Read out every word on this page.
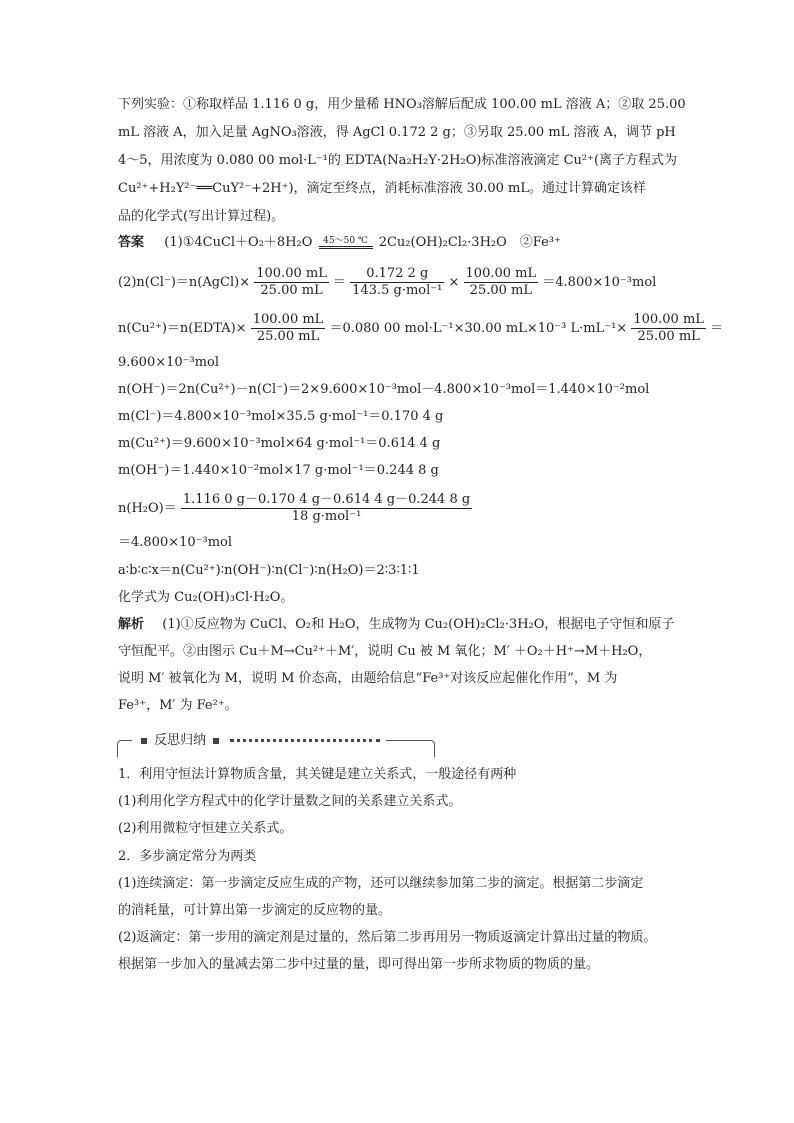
下列实验：①称取样品 1.116 0 g，用少量稀 HNO₃溶解后配成 100.00 mL 溶液 A；②取 25.00
mL 溶液 A，加入足量 AgNO₃溶液，得 AgCl 0.172 2 g；③另取 25.00 mL 溶液 A，调节 pH
4～5，用浓度为 0.080 00 mol·L⁻¹的 EDTA(Na₂H₂Y·2H₂O)标准溶液滴定 Cu²⁺(离子方程式为
Cu²⁺+H₂Y²⁻══CuY²⁻+2H⁺)，滴定至终点，消耗标准溶液 30.00 mL。通过计算确定该样
品的化学式(写出计算过程)。
答案 (1)①4CuCl＋O₂＋8H₂O	45～50 ℃ 2Cu₂(OH)₂Cl₂·3H₂O　②Fe³⁺
(2)n(Cl⁻)＝n(AgCl)× $\frac{100.00 mL}{25.00 mL} = \frac{0.172 2 g}{\text{143.5 g·mol⁻¹}} \times \frac{100.00 mL}{25.00 mL} =4.800\times 10^{-3}mol$
n(Cu²⁺)＝n(EDTA)× $\frac{100.00 mL}{25.00 mL} =0.080$ 00 mol·L⁻¹×30.00 mL×10⁻³ $L\cdot mL^{-1}\times \frac{100.00 mL}{25.00 mL}$ ＝
9.600×10⁻³mol
n(OH⁻)＝2n(Cu²⁺)－n(Cl⁻)＝2×9.600×10⁻³mol－4.800×10⁻³mol＝1.440×10⁻²mol
m(Cl⁻)＝4.800×10⁻³mol×35.5 g·mol⁻¹＝0.170 4 g
m(Cu²⁺)＝9.600×10⁻³mol×64 g·mol⁻¹＝0.614 4 g
m(OH⁻)＝1.440×10⁻²mol×17 g·mol⁻¹＝0.244 8 g
$n(H_2O)= \frac{1.116 0 g-0.170 4 g-0.614 4 g-0.244 8 g}{\text{18 g·mol⁻¹}}$
＝4.800×10⁻³mol
a∶b∶c∶x＝n(Cu²⁺)∶n(OH⁻)∶n(Cl⁻)∶n(H₂O)＝2∶3∶1∶1
化学式为 Cu₂(OH)₃Cl·H₂O。
解析 (1)①反应物为 CuCl、O₂和 H₂O，生成物为 Cu₂(OH)₂Cl₂·3H₂O，根据电子守恒和原子
守恒配平。②由图示 Cu＋M→Cu²⁺＋M′，说明 Cu 被 M 氧化；M′ ＋O₂＋H⁺→M＋H₂O，
说明 M′ 被氧化为 M，说明 M 价态高，由题给信息“Fe³⁺对该反应起催化作用”，M 为
Fe³⁺，M′ 为 Fe²⁺。
反思归纳
1．利用守恒法计算物质含量，其关键是建立关系式，一般途径有两种
(1)利用化学方程式中的化学计量数之间的关系建立关系式。
(2)利用微粒守恒建立关系式。
2．多步滴定常分为两类
(1)连续滴定：第一步滴定反应生成的产物，还可以继续参加第二步的滴定。根据第二步滴定
的消耗量，可计算出第一步滴定的反应物的量。
(2)返滴定：第一步用的滴定剂是过量的，然后第二步再用另一物质返滴定计算出过量的物质。
根据第一步加入的量减去第二步中过量的量，即可得出第一步所求物质的物质的量。
